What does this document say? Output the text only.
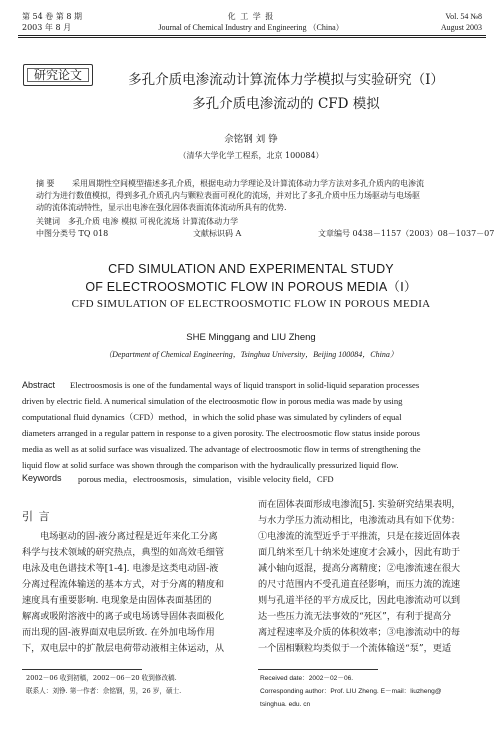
第 54 卷 第 8 期
2003 年 8 月
化 工 学 报
Journal of Chemical Industry and Engineering （China）
Vol. 54 №8
August 2003
研究论文	多孔介质电渗流动计算流体力学模拟与实验研究（Ⅰ）
多孔介质电渗流动的 CFD 模拟
佘铭钢 刘 铮
（清华大学化学工程系，北京 100084）
摘 要 采用周期性空间模型描述多孔介质，根据电动力学理论及计算流体动力学方法对多孔介质内的电渗流
动行为进行数值模拟，得到多孔介质孔内与颗粒表面可视化的流场，并对比了多孔介质中压力场驱动与电场驱
动的流体流动特性，显示出电渗在强化固体表面流体流动所具有的优势.
关键词 多孔介质 电渗 模拟 可视化流场 计算流体动力学
中图分类号 TQ 018	文献标识码 A	文章编号 0438－1157（2003）08－1037－07
CFD SIMULATION AND EXPERIMENTAL STUDY
OF ELECTROOSMOTIC FLOW IN POROUS MEDIA（Ⅰ）
CFD SIMULATION OF ELECTROOSMOTIC FLOW IN POROUS MEDIA
SHE Minggang and LIU Zheng
（Department of Chemical Engineering，Tsinghua University，Beijing 100084，China）
Abstract	Electroosmosis is one of the fundamental ways of liquid transport in solid-liquid separation processes
driven by electric field. A numerical simulation of the electroosmotic flow in porous media was made by using
computational fluid dynamics（CFD）method，in which the solid phase was simulated by cylinders of equal
diameters arranged in a regular pattern in response to a given porosity. The electroosmotic flow status inside porous
media as well as at solid surface was visualized. The advantage of electroosmotic flow in terms of strengthening the
liquid flow at solid surface was shown through the comparison with the hydraulically pressurized liquid flow.
Keywords porous media，electroosmosis，simulation，visible velocity field，CFD
引 言
电场驱动的固-液分离过程是近年来化工分离
科学与技术领域的研究热点，典型的如高效毛细管
电泳及电色谱技术等[1-4]. 电渗是这类电动固-液
分离过程流体输送的基本方式，对于分离的精度和
速度具有重要影响. 电现象是由固体表面基团的
解离或吸附溶液中的离子或电场诱导固体表面极化
而出现的固-液界面双电层所致. 在外加电场作用
下，双电层中的扩散层电荷带动液相主体运动，从
而在固体表面形成电渗流[5]. 实验研究结果表明，
与水力学压力流动相比，电渗流动具有如下优势：
①电渗流的流型近乎于平推流，只是在接近固体表
面几纳米至几十纳米处速度才会减小，因此有助于
减小轴向返混，提高分离精度；②电渗流速在很大
的尺寸范围内不受孔道直径影响，而压力流的流速
则与孔道半径的平方成反比，因此电渗流动可以到
达一些压力流无法事效的“死区”，有利于提高分
离过程速率及介质的体积效率；③电渗流动中的每
一个固相颗粒均类似于一个流体输送“泵”，更适
2002－06 收到初稿，2002－06－20 收到修改稿.
联系人：刘铮. 第一作者：佘铭钢，男，26 岁，硕士.
Received date：2002－02－06.
Corresponding author：Prof. LIU Zheng. E－mail：liuzheng@
tsinghua. edu. cn
